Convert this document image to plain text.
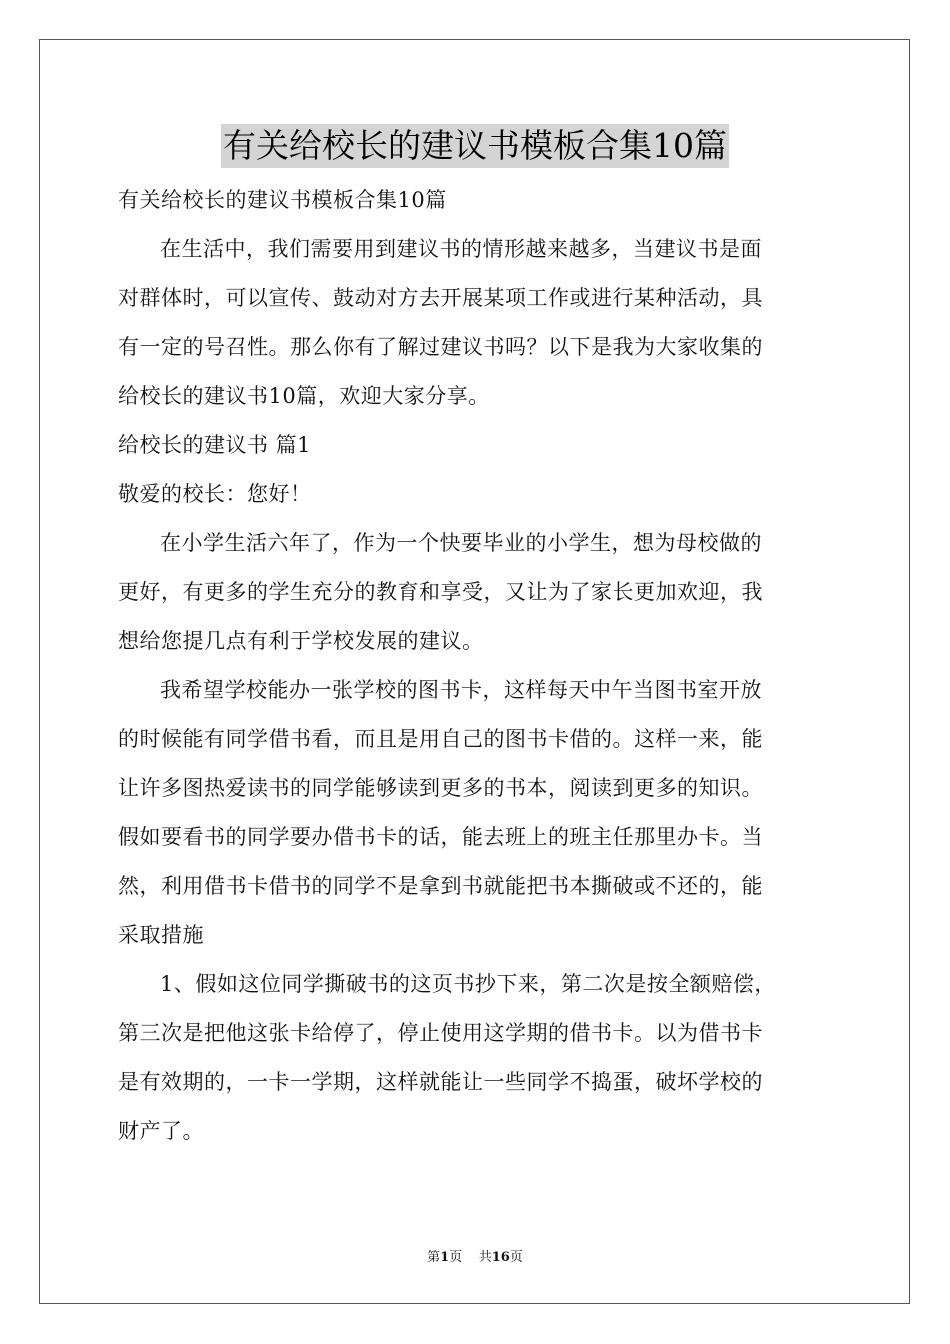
有关给校长的建议书模板合集10篇
有关给校长的建议书模板合集10篇
在生活中，我们需要用到建议书的情形越来越多，当建议书是面
对群体时，可以宣传、鼓动对方去开展某项工作或进行某种活动，具
有一定的号召性。那么你有了解过建议书吗？以下是我为大家收集的
给校长的建议书10篇，欢迎大家分享。
给校长的建议书 篇1
敬爱的校长：您好！
在小学生活六年了，作为一个快要毕业的小学生，想为母校做的
更好，有更多的学生充分的教育和享受，又让为了家长更加欢迎，我
想给您提几点有利于学校发展的建议。
我希望学校能办一张学校的图书卡，这样每天中午当图书室开放
的时候能有同学借书看，而且是用自己的图书卡借的。这样一来，能
让许多图热爱读书的同学能够读到更多的书本，阅读到更多的知识。
假如要看书的同学要办借书卡的话，能去班上的班主任那里办卡。当
然，利用借书卡借书的同学不是拿到书就能把书本撕破或不还的，能
采取措施
1、假如这位同学撕破书的这页书抄下来，第二次是按全额赔偿，
第三次是把他这张卡给停了，停止使用这学期的借书卡。以为借书卡
是有效期的，一卡一学期，这样就能让一些同学不捣蛋，破坏学校的
财产了。
第1页 共16页
